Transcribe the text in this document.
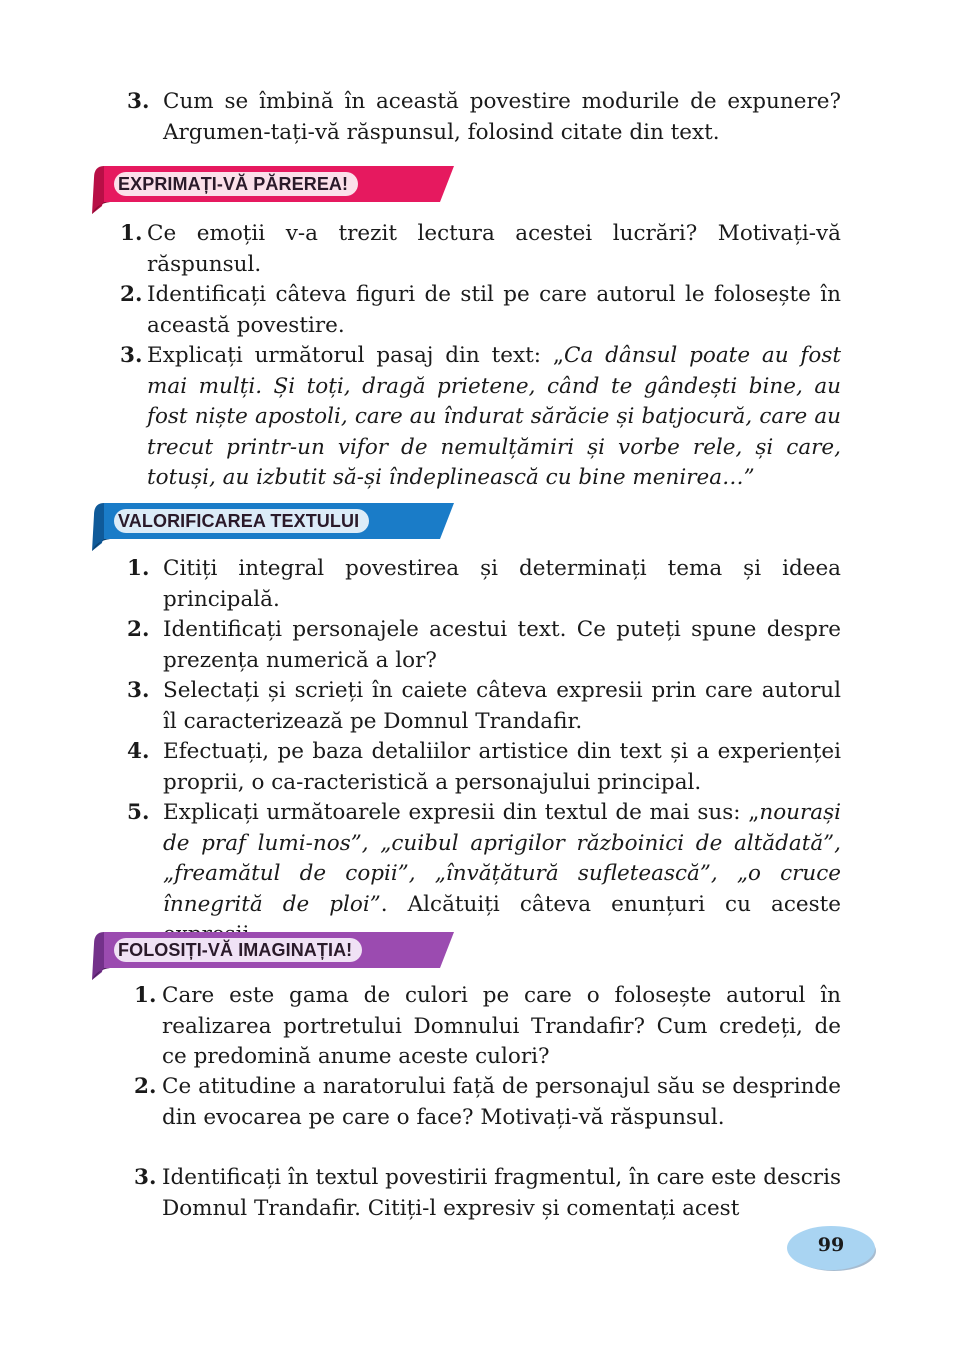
3. Cum se îmbină în această povestire modurile de expunere? Argumen-tați-vă răspunsul, folosind citate din text.
EXPRIMAȚI-VĂ PĂREREA!
1. Ce emoții v-a trezit lectura acestei lucrări? Motivați-vă răspunsul.
2. Identificați câteva figuri de stil pe care autorul le folosește în această povestire.
3. Explicați următorul pasaj din text: „Ca dânsul poate au fost mai mulți. Și toți, dragă prietene, când te gândești bine, au fost niște apostoli, care au îndurat sărăcie și batjocură, care au trecut printr-un vifor de nemulțămiri și vorbe rele, și care, totuși, au izbutit să-și îndeplinească cu bine menirea…”
VALORIFICAREA TEXTULUI
1. Citiți integral povestirea și determinați tema și ideea principală.
2. Identificați personajele acestui text. Ce puteți spune despre prezența numerică a lor?
3. Selectați și scrieți în caiete câteva expresii prin care autorul îl caracterizează pe Domnul Trandafir.
4. Efectuați, pe baza detaliilor artistice din text și a experienței proprii, o ca-racteristică a personajului principal.
5. Explicați următoarele expresii din textul de mai sus: „nourași de praf lumi-nos”, „cuibul aprigilor războinici de altădată”, „freamătul de copii”, „învățătură sufletească”, „o cruce înnegrită de ploi”. Alcătuiți câteva enunțuri cu aceste
FOLOSIȚI-VĂ IMAGINAȚIA!
1. Care este gama de culori pe care o folosește autorul în realizarea portretului Domnului Trandafir? Cum credeți, de ce predomină anume aceste culori?
2. Ce atitudine a naratorului față de personajul său se desprinde din evocarea pe care o face? Motivați-vă răspunsul.
3. Identificați în textul povestirii fragmentul, în care este descris Domnul Trandafir. Citiți-l expresiv și comentați acest
99
